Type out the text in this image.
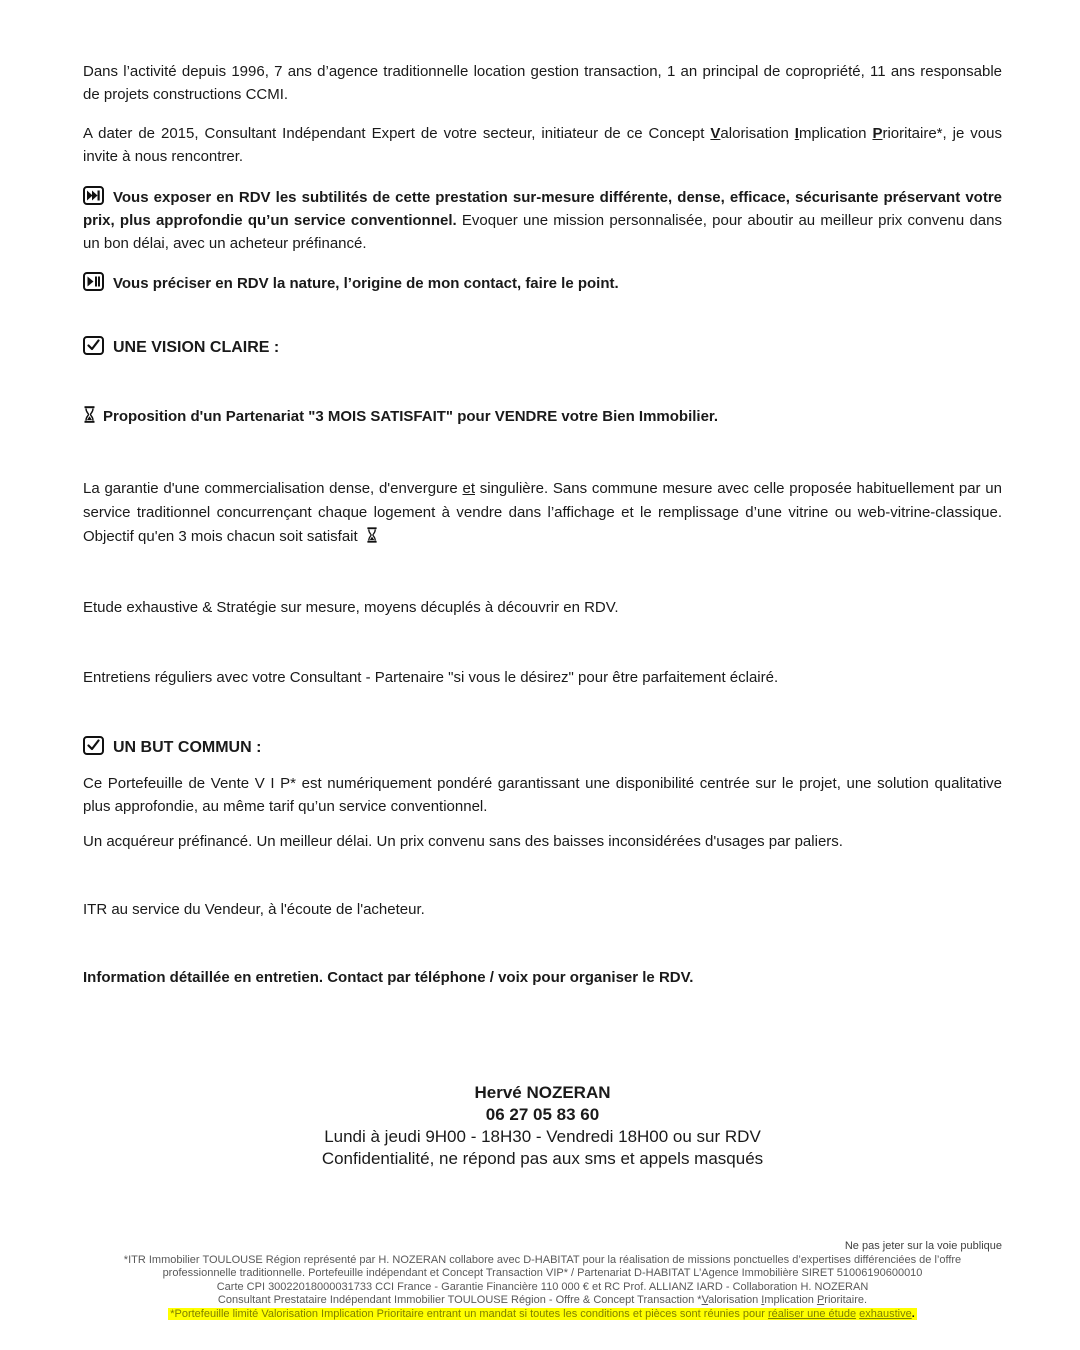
Dans l’activité depuis 1996, 7 ans d’agence traditionnelle location gestion transaction, 1 an principal de copropriété, 11 ans responsable de projets constructions CCMI.

A dater de 2015, Consultant Indépendant Expert de votre secteur, initiateur de ce Concept Valorisation Implication Prioritaire*, je vous invite à nous rencontrer.

Vous exposer en RDV les subtilités de cette prestation sur-mesure différente, dense, efficace, sécurisante préservant votre prix, plus approfondie qu’un service conventionnel. Evoquer une mission personnalisée, pour aboutir au meilleur prix convenu dans un bon délai, avec un acheteur préfinancé.

Vous préciser en RDV la nature, l’origine de mon contact, faire le point.

UNE VISION CLAIRE :

Proposition d'un Partenariat "3 MOIS SATISFAIT" pour VENDRE votre Bien Immobilier.

La garantie d'une commercialisation dense, d'envergure et singulière. Sans commune mesure avec celle proposée habituellement par un service traditionnel concurrençant chaque logement à vendre dans l’affichage et le remplissage d’une vitrine ou web-vitrine-classique. Objectif qu'en 3 mois chacun soit satisfait

Etude exhaustive & Stratégie sur mesure, moyens décuplés à découvrir en RDV.

Entretiens réguliers avec votre Consultant - Partenaire "si vous le désirez" pour être parfaitement éclairé.

UN BUT COMMUN :

Ce Portefeuille de Vente V I P* est numériquement pondéré garantissant une disponibilité centrée sur le projet, une solution qualitative plus approfondie, au même tarif qu’un service conventionnel.

Un acquéreur préfinancé. Un meilleur délai. Un prix convenu sans des baisses inconsidérées d'usages par paliers.

ITR au service du Vendeur, à l'écoute de l'acheteur.

Information détaillée en entretien. Contact par téléphone / voix pour organiser le RDV.

Hervé NOZERAN
06 27 05 83 60
Lundi à jeudi 9H00 - 18H30 - Vendredi 18H00 ou sur RDV
Confidentialité, ne répond pas aux sms et appels masqués
Ne pas jeter sur la voie publique
*ITR Immobilier TOULOUSE Région représenté par H. NOZERAN collabore avec D-HABITAT pour la réalisation de missions ponctuelles d’expertises différenciées de l’offre
professionnelle traditionnelle. Portefeuille indépendant et Concept Transaction VIP* / Partenariat D-HABITAT L’Agence Immobilière SIRET 51006190600010
Carte CPI 30022018000031733 CCI France - Garantie Financière 110 000 € et RC Prof. ALLIANZ IARD - Collaboration H. NOZERAN
Consultant Prestataire Indépendant Immobilier TOULOUSE Région - Offre & Concept Transaction *Valorisation Implication Prioritaire.
*Portefeuille limité Valorisation Implication Prioritaire entrant un mandat si toutes les conditions et pièces sont réunies pour réaliser une étude exhaustive.
